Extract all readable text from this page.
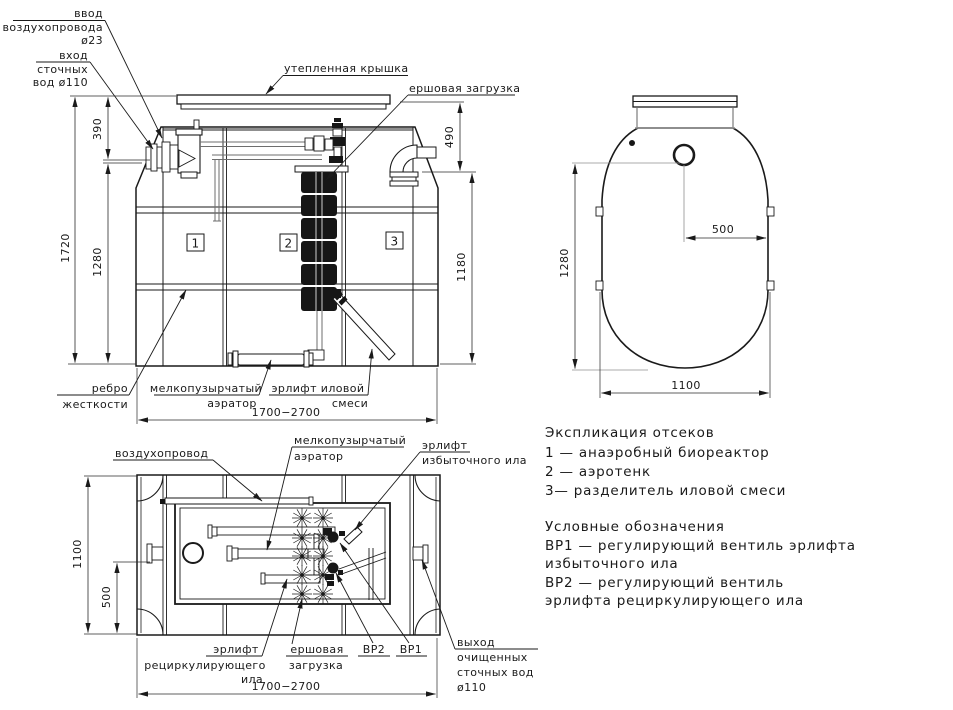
1	2	3
ввод
воздухопровода
ø23
вход
сточных
вод ø110
утепленная крышка
ершовая загрузка
ребро
жесткости
мелкопузырчатый
аэратор
эрлифт иловой
смеси
1720
390
1280
490
1180
1700−2700
1280
500
1100
воздухопровод
мелкопузырчатый
аэратор
эрлифт
избыточного ила
эрлифт
рециркулирующего
ила
ершовая
загрузка
ВР2 ВР1
выход
очищенных
сточных вод
ø110
1100
500
1700−2700
Экспликация отсеков
1 — анаэробный биореактор
2 — аэротенк
3— разделитель иловой смеси
Условные обозначения
ВР1 — регулирующий вентиль эрлифта
избыточного ила
ВР2 — регулирующий вентиль
эрлифта рециркулирующего ила
